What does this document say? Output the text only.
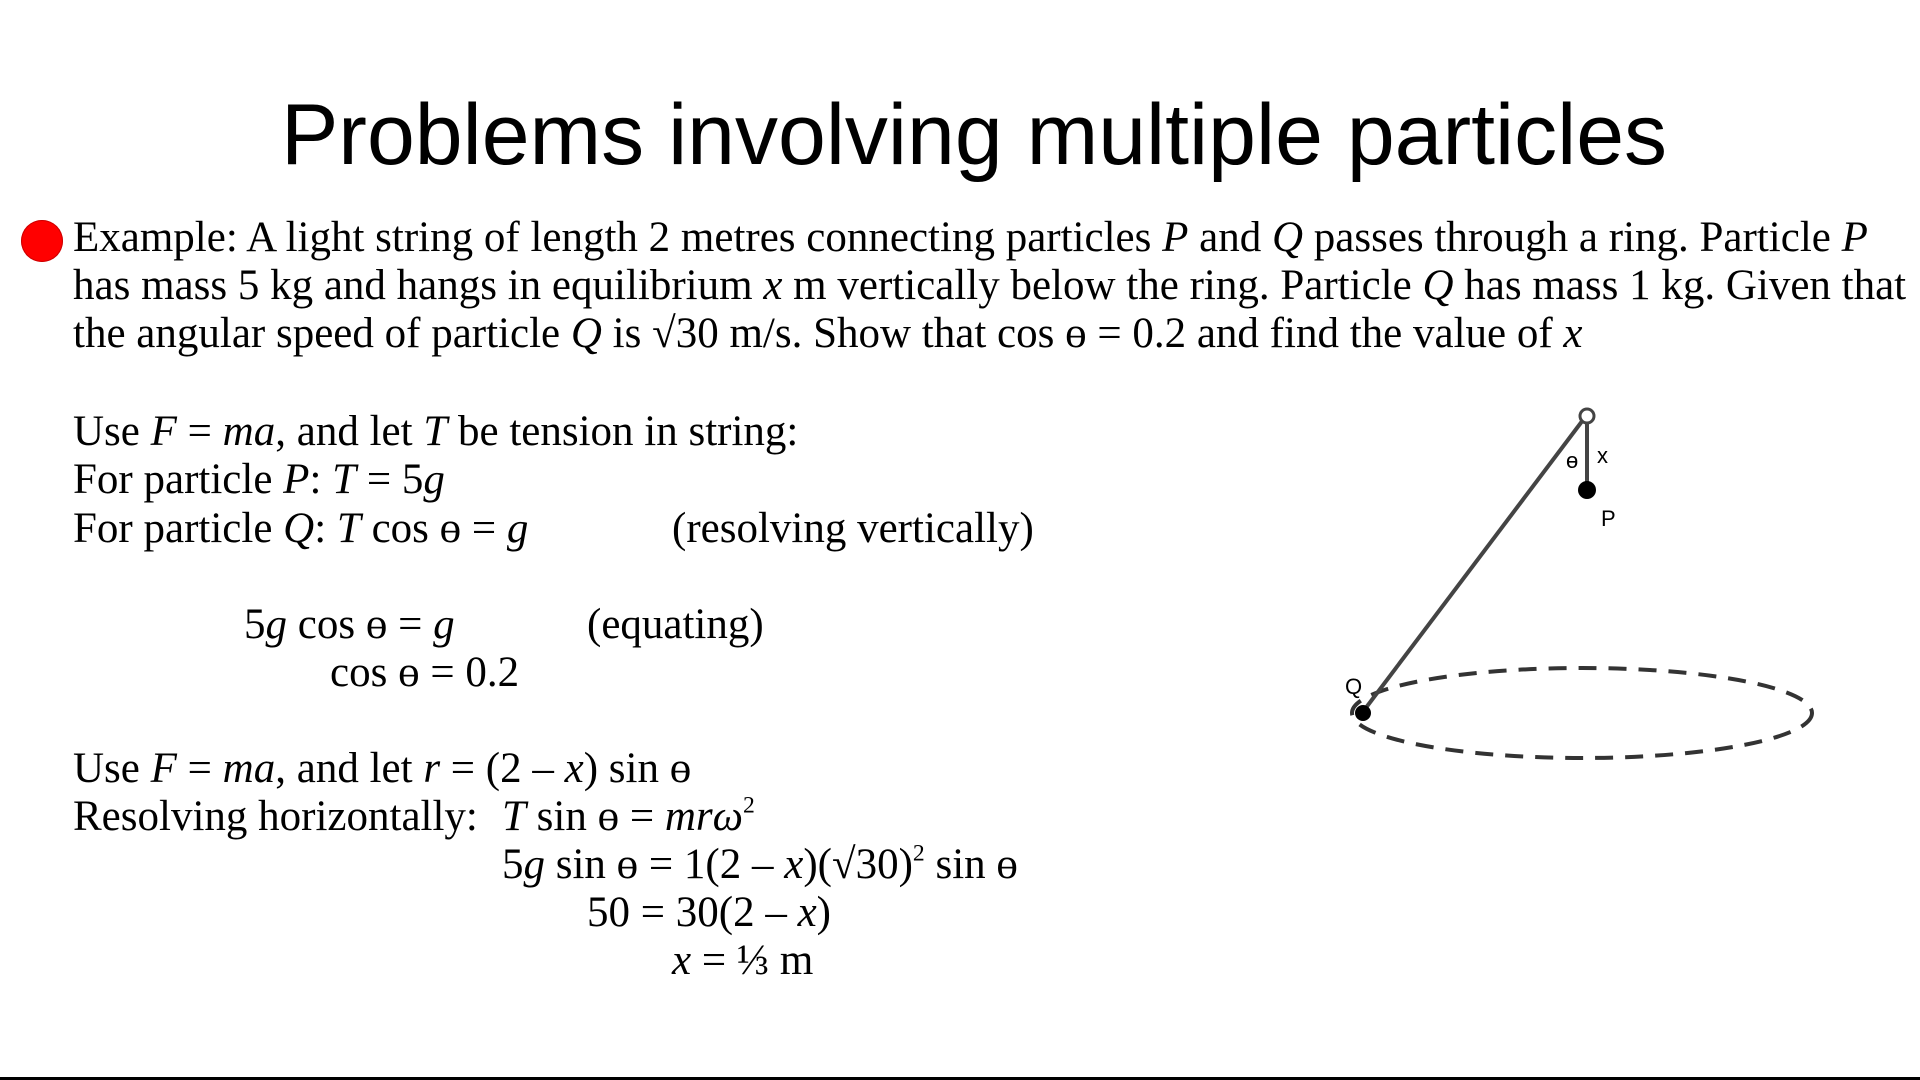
Problems involving multiple particles
Example: A light string of length 2 metres connecting particles P and Q passes through a ring. Particle P has mass 5 kg and hangs in equilibrium x m vertically below the ring. Particle Q has mass 1 kg. Given that the angular speed of particle Q is √30 m/s. Show that cos ɵ = 0.2 and find the value of x
Use F = ma, and let T be tension in string:
For particle P: T = 5g
For particle Q: T cos ɵ = g	(resolving vertically)
5g cos ɵ = g	(equating)
cos ɵ = 0.2
Use F = ma, and let r = (2 – x) sin ɵ
Resolving horizontally: T sin ɵ = mrω$^2$
5g sin ɵ = $1(2 - x)(√30)^2$ sin ɵ
50 = 30(2 – x)
x = ⅓ m
ɵ x
P
Q
